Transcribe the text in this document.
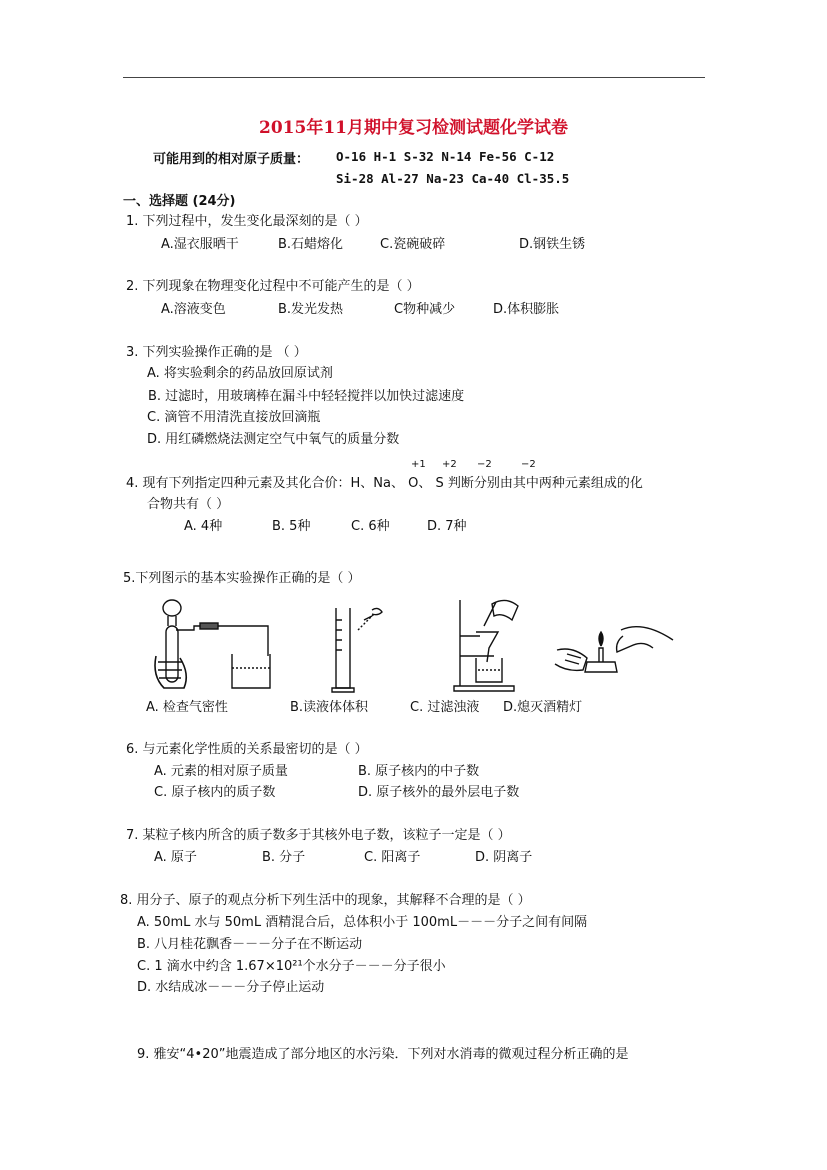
2015年11月期中复习检测试题化学试卷
可能用到的相对原子质量： O-16 H-1 S-32 N-14 Fe-56 C-12
Si-28 Al-27 Na-23 Ca-40 Cl-35.5
一、选择题 (24分)
1. 下列过程中，发生变化最深刻的是（ ）
A.湿衣服晒干	B.石蜡熔化	C.瓷碗破碎	D.钢铁生锈
2. 下列现象在物理变化过程中不可能产生的是（ ）
A.溶液变色	B.发光发热	C物种减少	D.体积膨胀
3. 下列实验操作正确的是 （ ）
A. 将实验剩余的药品放回原试剂
B. 过滤时，用玻璃棒在漏斗中轻轻搅拌以加快过滤速度
C. 滴管不用清洗直接放回滴瓶
D. 用红磷燃烧法测定空气中氧气的质量分数
+1 +2 −2	−2
4. 现有下列指定四种元素及其化合价：H、Na、 O、 S 判断分别由其中两种元素组成的化
合物共有（ ）
A. 4种	B. 5种	C. 6种	D. 7种
5.下列图示的基本实验操作正确的是（ ）
A. 检查气密性	B.读液体体积	C. 过滤浊液 D.熄灭酒精灯
6. 与元素化学性质的关系最密切的是（ ）
A. 元素的相对原子质量	B. 原子核内的中子数
C. 原子核内的质子数	D. 原子核外的最外层电子数
7. 某粒子核内所含的质子数多于其核外电子数，该粒子一定是（ ）
A. 原子	B. 分子	C. 阳离子	D. 阴离子
8. 用分子、原子的观点分析下列生活中的现象，其解释不合理的是（ ）
A. 50mL 水与 50mL 酒精混合后，总体积小于 100mL－－－分子之间有间隔
B. 八月桂花飘香－－－分子在不断运动
C. 1 滴水中约含 1.67×10²¹个水分子－－－分子很小
D. 水结成冰－－－分子停止运动
9. 雅安“4•20”地震造成了部分地区的水污染．下列对水消毒的微观过程分析正确的是
